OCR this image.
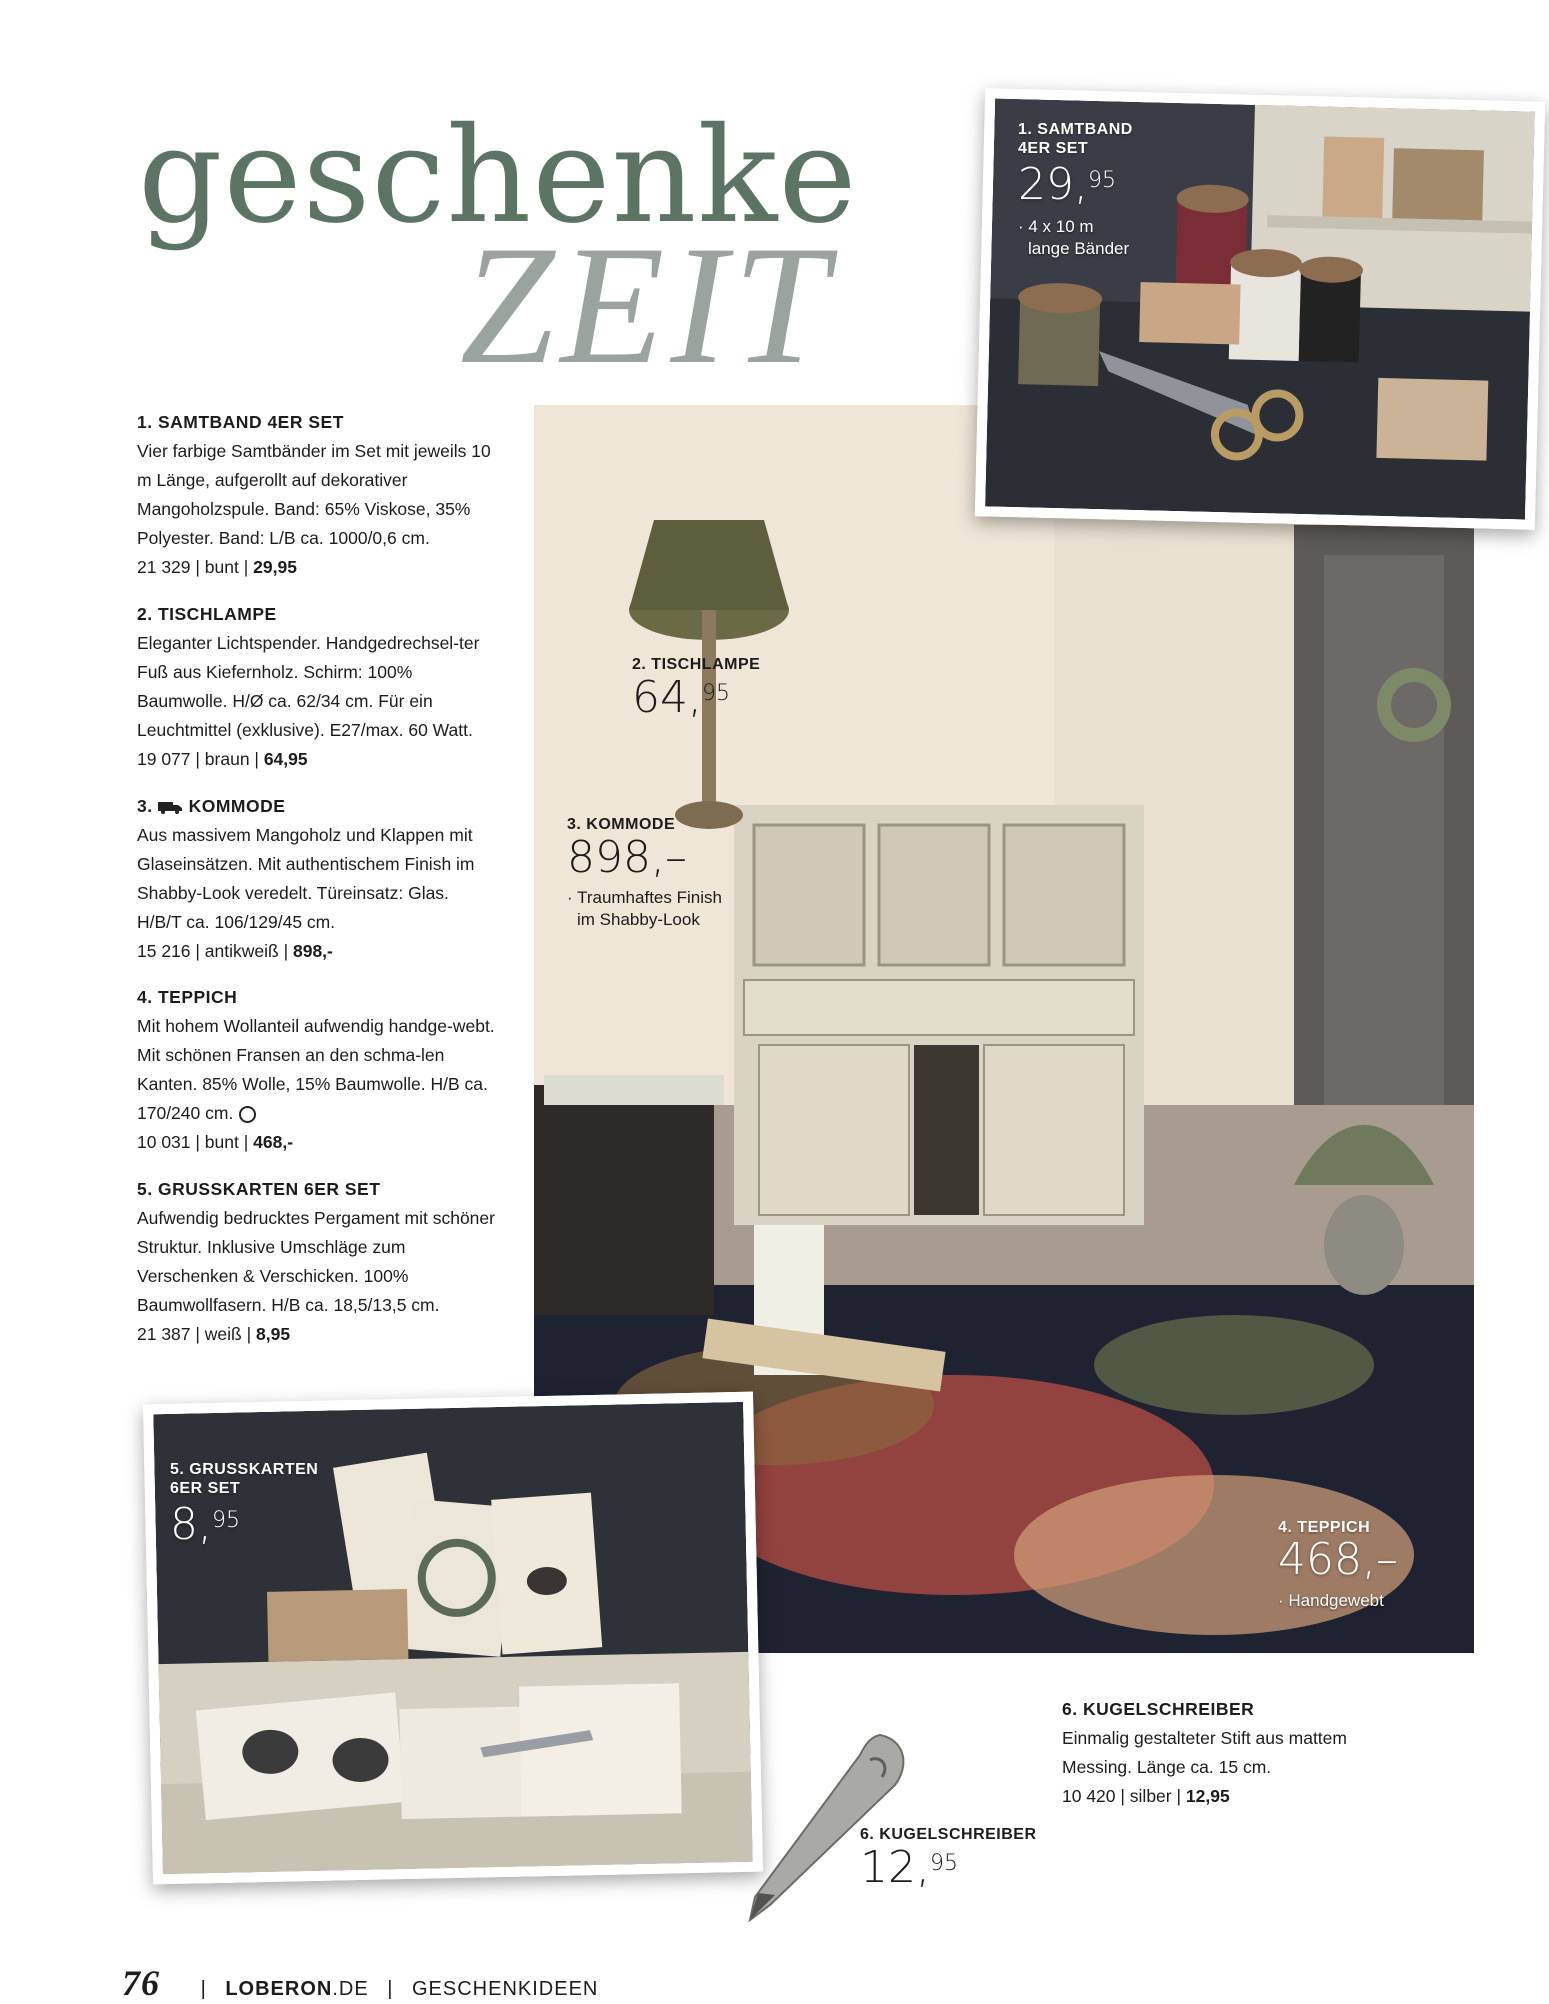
geschenke
ZEIT
1. SAMTBAND 4ER SET

Vier farbige Samtbänder im Set mit jeweils 10 m Länge, aufgerollt auf dekorativer Mangoholzspule. Band: 65% Viskose, 35% Polyester. Band: L/B ca. 1000/0,6 cm.

21 329 | bunt | 29,95

2. TISCHLAMPE

Eleganter Lichtspender. Handgedrechsel-ter Fuß aus Kiefernholz. Schirm: 100% Baumwolle. H/Ø ca. 62/34 cm. Für ein Leuchtmittel (exklusive). E27/max. 60 Watt.

19 077 | braun | 64,95

3. KOMMODE

Aus massivem Mangoholz und Klappen mit Glaseinsätzen. Mit authentischem Finish im Shabby-Look veredelt. Türeinsatz: Glas. H/B/T ca. 106/129/45 cm.

15 216 | antikweiß | 898,-

4. TEPPICH

Mit hohem Wollanteil aufwendig handge-webt. Mit schönen Fransen an den schma-len Kanten. 85% Wolle, 15% Baumwolle. H/B ca. 170/240 cm.

10 031 | bunt | 468,-

5. GRUSSKARTEN 6ER SET

Aufwendig bedrucktes Pergament mit schöner Struktur. Inklusive Umschläge zum Verschenken & Verschicken. 100% Baumwollfasern. H/B ca. 18,5/13,5 cm.

21 387 | weiß | 8,95

6. KUGELSCHREIBER

Einmalig gestalteter Stift aus mattem Messing. Länge ca. 15 cm.

10 420 | silber | 12,95

2. TISCHLAMPE
64,95
3. KOMMODE
898,–
· Traumhaftes Finish
im Shabby-Look
4. TEPPICH
468,–
· Handgewebt
1. SAMTBAND
4ER SET
29,95
· 4 x 10 m
lange Bänder
5. GRUSSKARTEN
6ER SET
8,95
6. KUGELSCHREIBER
12,95
76 | LOBERON.DE | GESCHENKIDEEN
